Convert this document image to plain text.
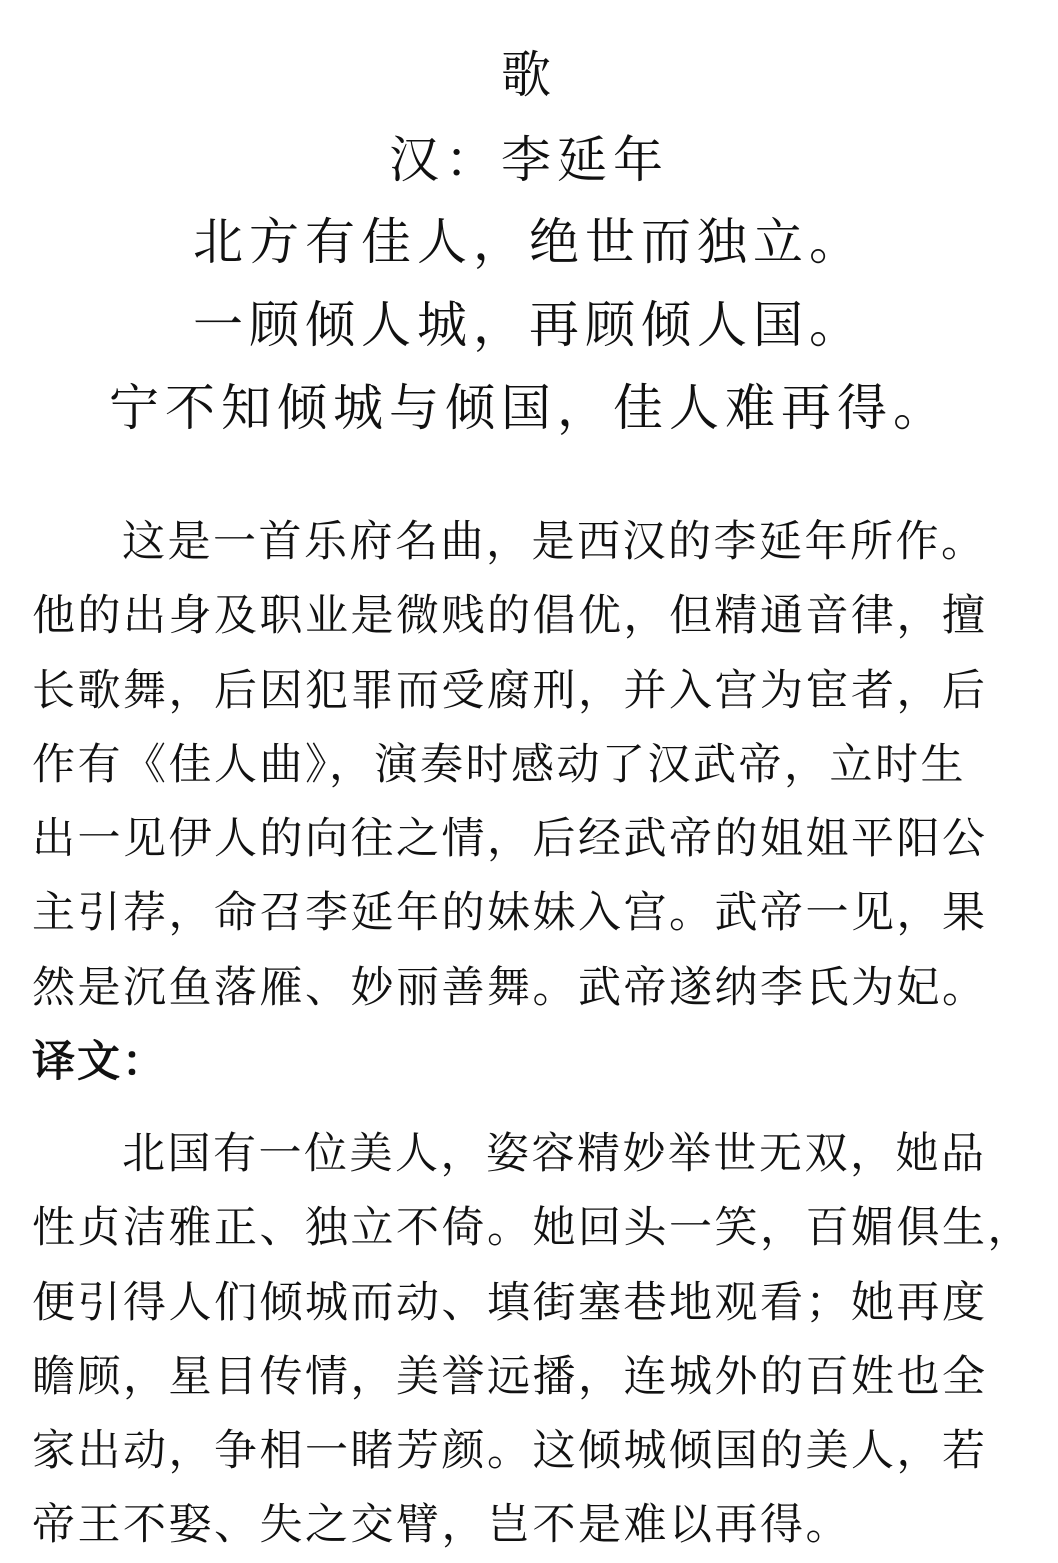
歌
汉：李延年
北方有佳人，绝世而独立。
一顾倾人城，再顾倾人国。
宁不知倾城与倾国，佳人难再得。
这是一首乐府名曲，是西汉的李延年所作。
他的出身及职业是微贱的倡优，但精通音律，擅
长歌舞，后因犯罪而受腐刑，并入宫为宦者，后
作有《佳人曲》，演奏时感动了汉武帝，立时生
出一见伊人的向往之情，后经武帝的姐姐平阳公
主引荐，命召李延年的妹妹入宫。武帝一见，果
然是沉鱼落雁、妙丽善舞。武帝遂纳李氏为妃。
译文：
北国有一位美人，姿容精妙举世无双，她品
性贞洁雅正、独立不倚。她回头一笑，百媚俱生，
便引得人们倾城而动、填街塞巷地观看；她再度
瞻顾，星目传情，美誉远播，连城外的百姓也全
家出动，争相一睹芳颜。这倾城倾国的美人，若
帝王不娶、失之交臂，岂不是难以再得。
